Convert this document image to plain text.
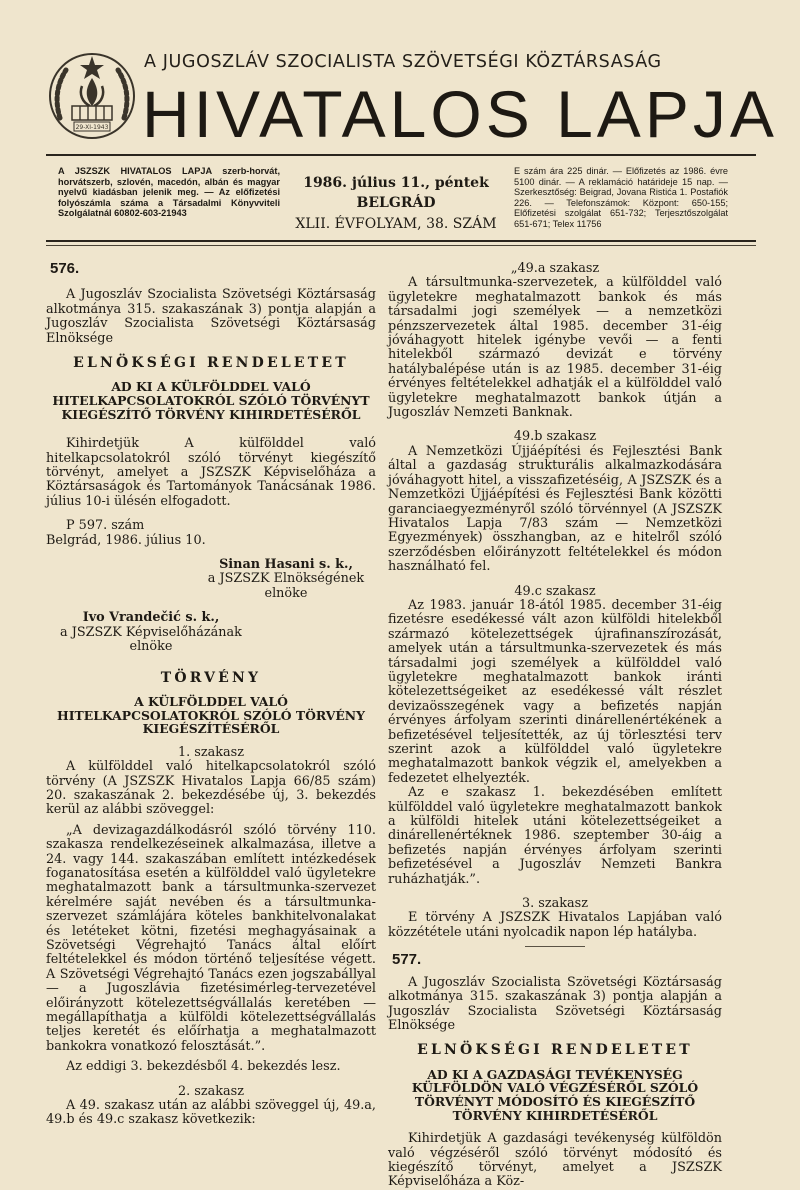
29-XI-1943
A JUGOSZLÁV SZOCIALISTA SZÖVETSÉGI KÖZTÁRSASÁG
HIVATALOS LAPJA
A JSZSZK HIVATALOS LAPJA szerb-horvát, horvátszerb, szlovén, macedón, albán és magyar nyelvű kiadásban jelenik meg. — Az előfizetési folyószámla száma a Társadalmi Könyvviteli Szolgálatnál 60802-603-21943
1986. július 11., péntek
BELGRÁD
XLII. ÉVFOLYAM, 38. SZÁM
E szám ára 225 dinár. — Előfizetés az 1986. évre 5100 dinár. — A reklamáció határideje 15 nap. — Szerkesztőség: Beigrad, Jovana Ristića 1. Postafiók 226. — Telefonszámok: Központ: 650-155; Előfizetési szolgálat 651-732; Terjesztőszolgálat 651-671; Telex 11756
576.

A Jugoszláv Szocialista Szövetségi Köztársaság alkotmánya 315. szakaszának 3) pontja alapján a Jugoszláv Szocialista Szövetségi Köztársaság Elnöksége

ELNÖKSÉGI RENDELETET
AD KI A KÜLFÖLDDEL VALÓ HITELKAPCSOLATOKRÓL SZÓLÓ TÖRVÉNYT KIEGÉSZÍTŐ TÖRVÉNY KIHIRDETÉSÉRŐL

Kihirdetjük A külfölddel való hitelkapcsolatokról szóló törvényt kiegészítő törvényt, amelyet a JSZSZK Képviselőháza a Köztársaságok és Tartományok Tanácsának 1986. július 10-i ülésén elfogadott.

P 597. szám

Belgrád, 1986. július 10.

Sinan Hasani s. k.,
a JSZSZK Elnökségének
elnöke
Ivo Vrandečić s. k.,
a JSZSZK Képviselőházának
elnöke
TÖRVÉNY
A KÜLFÖLDDEL VALÓ HITELKAPCSOLATOKRÓL SZÓLÓ TÖRVÉNY KIEGÉSZÍTÉSÉRŐL
1. szakasz

A külfölddel való hitelkapcsolatokról szóló törvény (A JSZSZK Hivatalos Lapja 66/85 szám) 20. szakaszának 2. bekezdésébe új, 3. bekezdés kerül az alábbi szöveggel:

„A devizagazdálkodásról szóló törvény 110. szakasza rendelkezéseinek alkalmazása, illetve a 24. vagy 144. szakaszában említett intézkedések foganatosítása esetén a külfölddel való ügyletekre meghatalmazott bank a társultmunka-szervezet kérelmére saját nevében és a társultmunka-szervezet számlájára köteles bankhitelvonalakat és letéteket kötni, fizetési meghagyásainak a Szövetségi Végrehajtó Tanács által előírt feltételekkel és módon történő teljesítése végett. A Szövetségi Végrehajtó Tanács ezen jogszabállyal — a Jugoszlávia fizetésimérleg-tervezetével előirányzott kötelezettségvállalás keretében — megállapíthatja a külföldi kötelezettségvállalás teljes keretét és előírhatja a meghatalmazott bankokra vonatkozó felosztását.”.

Az eddigi 3. bekezdésből 4. bekezdés lesz.

2. szakasz

A 49. szakasz után az alábbi szöveggel új, 49.a, 49.b és 49.c szakasz következik:

„49.a szakasz

A társultmunka-szervezetek, a külfölddel való ügyletekre meghatalmazott bankok és más társadalmi jogi személyek — a nemzetközi pénzszervezetek által 1985. december 31-éig jóváhagyott hitelek igénybe vevői — a fenti hitelekből származó devizát e törvény hatálybalépése után is az 1985. december 31-éig érvényes feltételekkel adhatják el a külfölddel való ügyletekre meghatalmazott bankok útján a Jugoszláv Nemzeti Banknak.

49.b szakasz

A Nemzetközi Újjáépítési és Fejlesztési Bank által a gazdaság strukturális alkalmazkodására jóváhagyott hitel, a visszafizetéséig, A JSZSZK és a Nemzetközi Újjáépítési és Fejlesztési Bank közötti garanciaegyezményről szóló törvénnyel (A JSZSZK Hivatalos Lapja 7/83 szám — Nemzetközi Egyezmények) összhangban, az e hitelről szóló szerződésben előirányzott feltételekkel és módon használható fel.

49.c szakasz

Az 1983. január 18-ától 1985. december 31-éig fizetésre esedékessé vált azon külföldi hitelekből származó kötelezettségek újrafinanszírozását, amelyek után a társultmunka-szervezetek és más társadalmi jogi személyek a külfölddel való ügyletekre meghatalmazott bankok iránti kötelezettségeiket az esedékessé vált részlet devizaösszegének vagy a befizetés napján érvényes árfolyam szerinti dinárellenértékének a befizetésével teljesítették, az új törlesztési terv szerint azok a külfölddel való ügyletekre meghatalmazott bankok végzik el, amelyekben a fedezetet elhelyezték.

Az e szakasz 1. bekezdésében említett külfölddel való ügyletekre meghatalmazott bankok a külföldi hitelek utáni kötelezettségeiket a dinárellenértéknek 1986. szeptember 30-áig a befizetés napján érvényes árfolyam szerinti befizetésével a Jugoszláv Nemzeti Bankra ruházhatják.”.

3. szakasz

E törvény A JSZSZK Hivatalos Lapjában való közzététele utáni nyolcadik napon lép hatályba.

577.

A Jugoszláv Szocialista Szövetségi Köztársaság alkotmánya 315. szakaszának 3) pontja alapján a Jugoszláv Szocialista Szövetségi Köztársaság Elnöksége

ELNÖKSÉGI RENDELETET
AD KI A GAZDASÁGI TEVÉKENYSÉG KÜLFÖLDÖN VALÓ VÉGZÉSÉRŐL SZÓLÓ TÖRVÉNYT MÓDOSÍTÓ ÉS KIEGÉSZÍTŐ TÖRVÉNY KIHIRDETÉSÉRŐL

Kihirdetjük A gazdasági tevékenység külföldön való végzéséről szóló törvényt módosító és kiegészítő törvényt, amelyet a JSZSZK Képviselőháza a Köz-
